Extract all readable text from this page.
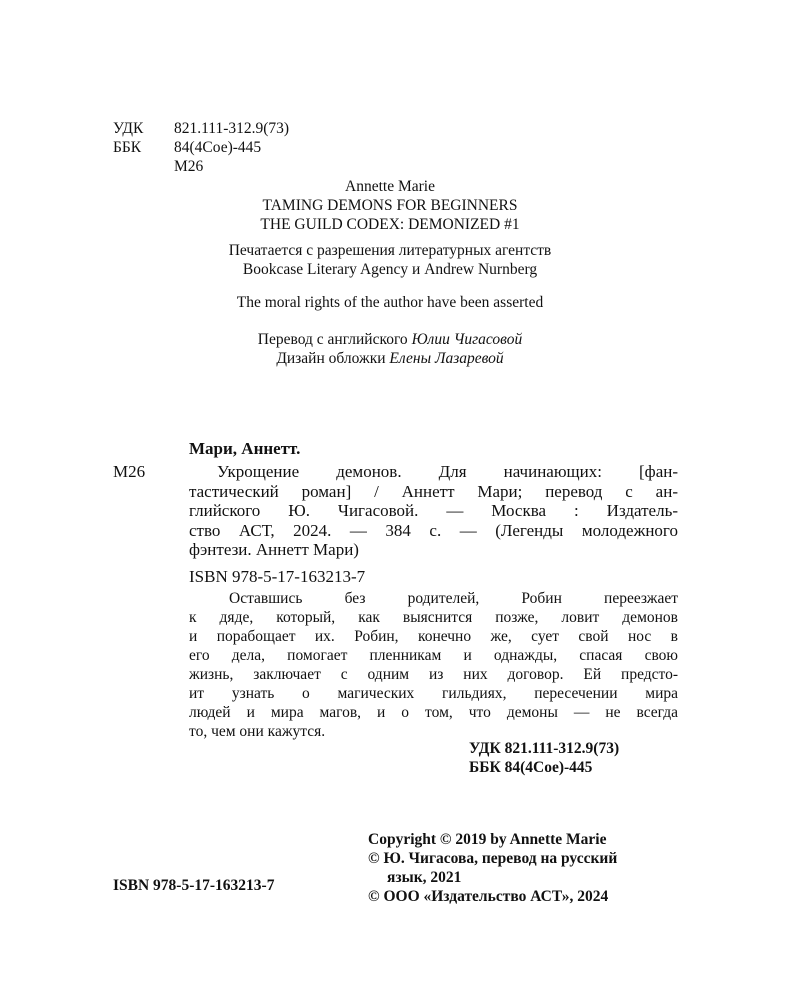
УДК 821.111-312.9(73)
ББК 84(4Сое)-445
М26
Annette Marie
TAMING DEMONS FOR BEGINNERS
THE GUILD CODEX: DEMONIZED #1
Печатается с разрешения литературных агентств
Bookcase Literary Agency и Andrew Nurnberg
The moral rights of the author have been asserted
Перевод с английского Юлии Чигасовой
Дизайн обложки Елены Лазаревой
Мари, Аннетт.
М26	Укрощение демонов. Для начинающих: [фан-
тастический роман] / Аннетт Мари; перевод с ан-
глийского Ю. Чигасовой. — Москва : Издатель-
ство АСТ, 2024. — 384 с. — (Легенды молодежного
фэнтези. Аннетт Мари)
ISBN 978-5-17-163213-7
Оставшись без родителей, Робин переезжает
к дяде, который, как выяснится позже, ловит демонов
и порабощает их. Робин, конечно же, сует свой нос в
его дела, помогает пленникам и однажды, спасая свою
жизнь, заключает с одним из них договор. Ей предсто-
ит узнать о магических гильдиях, пересечении мира
людей и мира магов, и о том, что демоны — не всегда
то, чем они кажутся.
УДК 821.111-312.9(73)
ББК 84(4Сое)-445
ISBN 978-5-17-163213-7
Copyright © 2019 by Annette Marie
© Ю. Чигасова, перевод на русский
язык, 2021
© ООО «Издательство АСТ», 2024
